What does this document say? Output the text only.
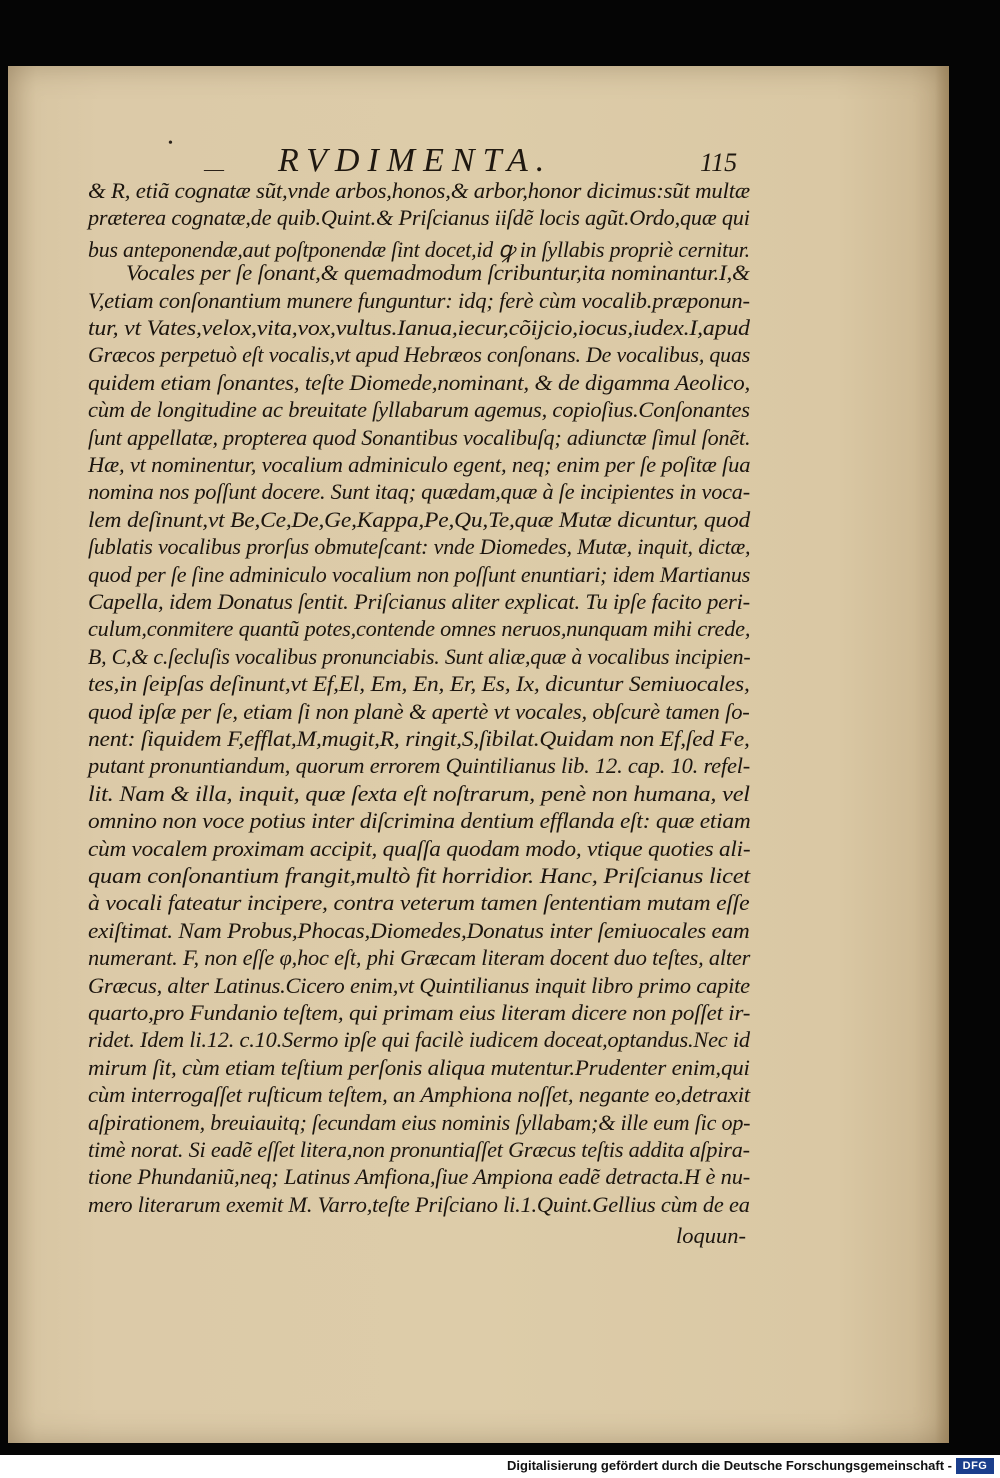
•
— RVDIMENTA.	115
& R, etiã cognatæ sũt,vnde arbos,honos,& arbor,honor dicimus:sũt multæ
præterea cognatæ,de quib.Quint.& Priſcianus iiſdẽ locis agũt.Ordo,quæ qui
bus anteponendæ,aut poſtponendæ ſint docet,id ꝙ in ſyllabis propriè cernitur.
Vocales per ſe ſonant,& quemadmodum ſcribuntur,ita nominantur.I,&
V,etiam conſonantium munere funguntur: idq; ferè cùm vocalib.præponun-
tur, vt Vates,velox,vita,vox,vultus.Ianua,iecur,cõijcio,iocus,iudex.I,apud
Græcos perpetuò eſt vocalis,vt apud Hebræos conſonans. De vocalibus, quas
quidem etiam ſonantes, teſte Diomede,nominant, & de digamma Aeolico,
cùm de longitudine ac breuitate ſyllabarum agemus, copioſius.Conſonantes
ſunt appellatæ, propterea quod Sonantibus vocalibuſq; adiunctæ ſimul ſonẽt.
Hæ, vt nominentur, vocalium adminiculo egent, neq; enim per ſe poſitæ ſua
nomina nos poſſunt docere. Sunt itaq; quædam,quæ à ſe incipientes in voca-
lem deſinunt,vt Be,Ce,De,Ge,Kappa,Pe,Qu,Te,quæ Mutæ dicuntur, quod
ſublatis vocalibus prorſus obmuteſcant: vnde Diomedes, Mutæ, inquit, dictæ,
quod per ſe ſine adminiculo vocalium non poſſunt enuntiari; idem Martianus
Capella, idem Donatus ſentit. Priſcianus aliter explicat. Tu ipſe facito peri-
culum,conmitere quantũ potes,contende omnes neruos,nunquam mihi crede,
B, C,& c.ſecluſis vocalibus pronunciabis. Sunt aliæ,quæ à vocalibus incipien-
tes,in ſeipſas deſinunt,vt Ef,El, Em, En, Er, Es, Ix, dicuntur Semiuocales,
quod ipſæ per ſe, etiam ſi non planè & apertè vt vocales, obſcurè tamen ſo-
nent: ſiquidem F,efflat,M,mugit,R, ringit,S,ſibilat.Quidam non Ef,ſed Fe,
putant pronuntiandum, quorum errorem Quintilianus lib. 12. cap. 10. refel-
lit. Nam & illa, inquit, quæ ſexta eſt noſtrarum, penè non humana, vel
omnino non voce potius inter diſcrimina dentium efflanda eſt: quæ etiam
cùm vocalem proximam accipit, quaſſa quodam modo, vtique quoties ali-
quam conſonantium frangit,multò fit horridior. Hanc, Priſcianus licet
à vocali fateatur incipere, contra veterum tamen ſententiam mutam eſſe
exiſtimat. Nam Probus,Phocas,Diomedes,Donatus inter ſemiuocales eam
numerant. F, non eſſe φ,hoc eſt, phi Græcam literam docent duo teſtes, alter
Græcus, alter Latinus.Cicero enim,vt Quintilianus inquit libro primo capite
quarto,pro Fundanio teſtem, qui primam eius literam dicere non poſſet ir-
ridet. Idem li.12. c.10.Sermo ipſe qui facilè iudicem doceat,optandus.Nec id
mirum ſit, cùm etiam teſtium perſonis aliqua mutentur.Prudenter enim,qui
cùm interrogaſſet ruſticum teſtem, an Amphiona noſſet, negante eo,detraxit
aſpirationem, breuiauitq; ſecundam eius nominis ſyllabam;& ille eum ſic op-
timè norat. Si eadẽ eſſet litera,non pronuntiaſſet Græcus teſtis addita aſpira-
tione Phundaniũ,neq; Latinus Amfiona,ſiue Ampiona eadẽ detracta.H è nu-
mero literarum exemit M. Varro,teſte Priſciano li.1.Quint.Gellius cùm de ea
loquun-
Digitalisierung gefördert durch die Deutsche Forschungsgemeinschaft - DFG
